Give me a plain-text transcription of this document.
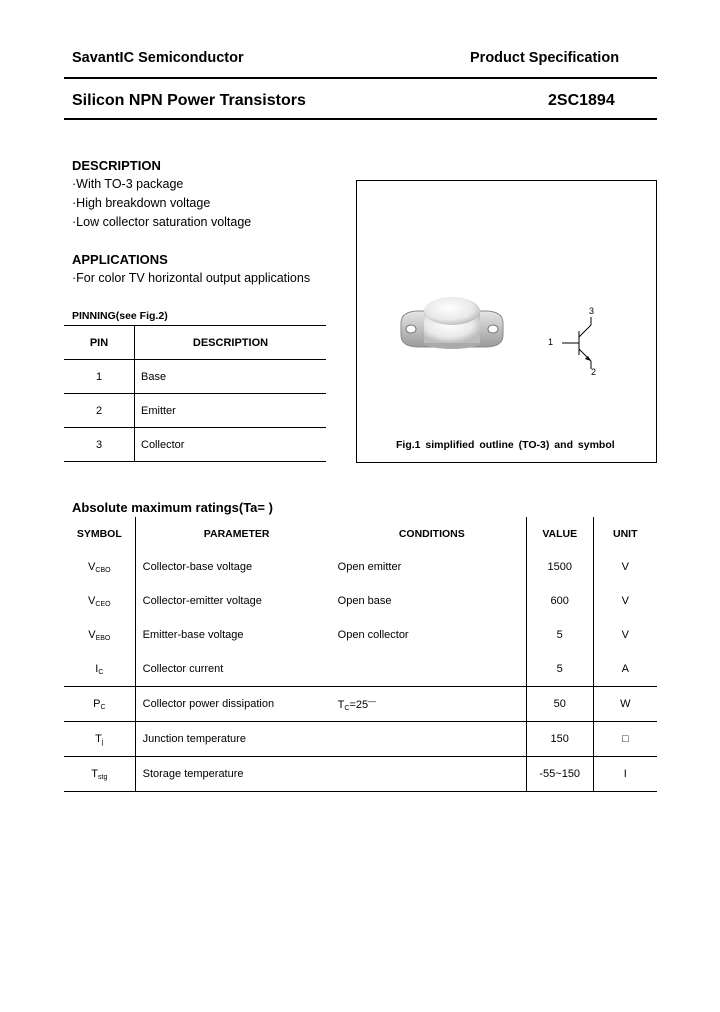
SavantIC Semiconductor	Product Specification
Silicon NPN Power Transistors	2SC1894
DESCRIPTION
·With TO-3 package
·High breakdown voltage
·Low collector saturation voltage
APPLICATIONS
·For color TV horizontal output applications
PINNING(see Fig.2)
PIN	DESCRIPTION
1	Base
2	Emitter
3	Collector
1
3
2
Fig.1 simplified outline (TO-3) and symbol
Absolute maximum ratings(Ta= )
SYMBOL	PARAMETER	CONDITIONS	VALUE	UNIT
$V_{CBO}$	Collector-base voltage	Open emitter	1500	V
$V_{CEO}$	Collector-emitter voltage	Open base	600	V
$V_{EBO}$	Emitter-base voltage	Open collector	5	V
$I_C$	Collector current		5	A
$P_C$	Collector power dissipation	$T_C=25^—$	50	W
$T_j$	Junction temperature		150	□
$T_{stg}$	Storage temperature		-55~150	I
